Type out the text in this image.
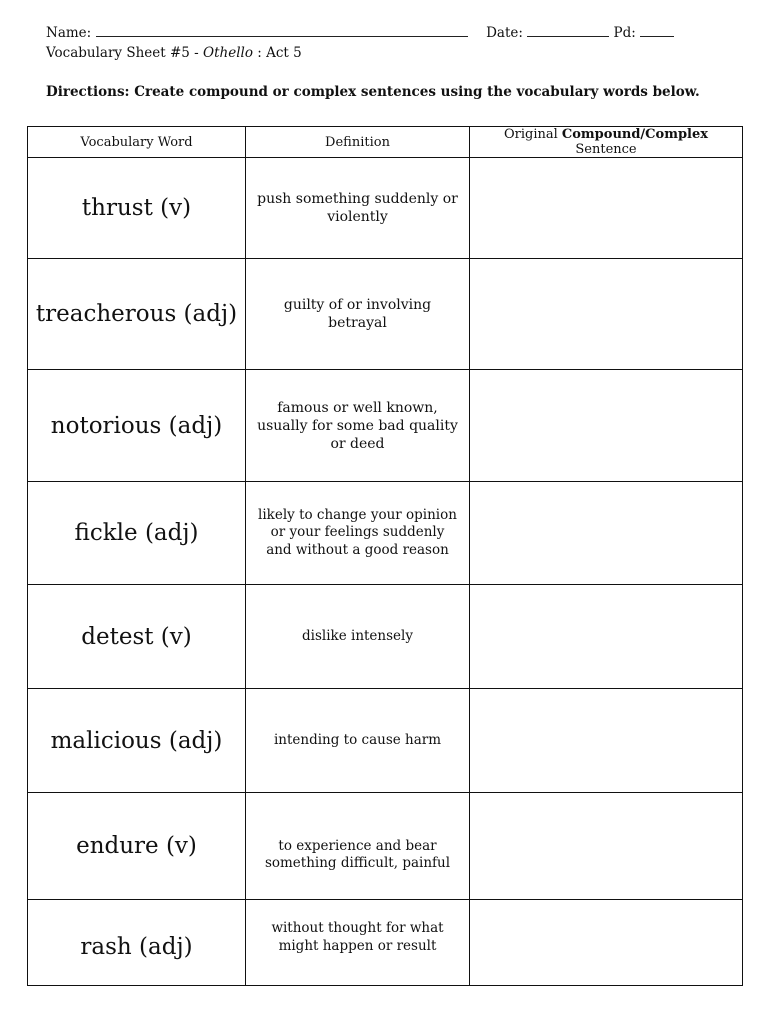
Name:	Date:	Pd:
Vocabulary Sheet #5 - Othello : Act 5
Directions: Create compound or complex sentences using the vocabulary words below.
Vocabulary Word	Definition	Original Compound/Complex Sentence
thrust (v)	push something suddenly or violently	
treacherous (adj)	guilty of or involving betrayal	
notorious (adj)	famous or well known, usually for some bad quality or deed	
fickle (adj)	likely to change your opinion or your feelings suddenly and without a good reason	
detest (v)	dislike intensely	
malicious (adj)	intending to cause harm	
endure (v)	to experience and bear something difficult, painful	
rash (adj)	without thought for what might happen or result	
